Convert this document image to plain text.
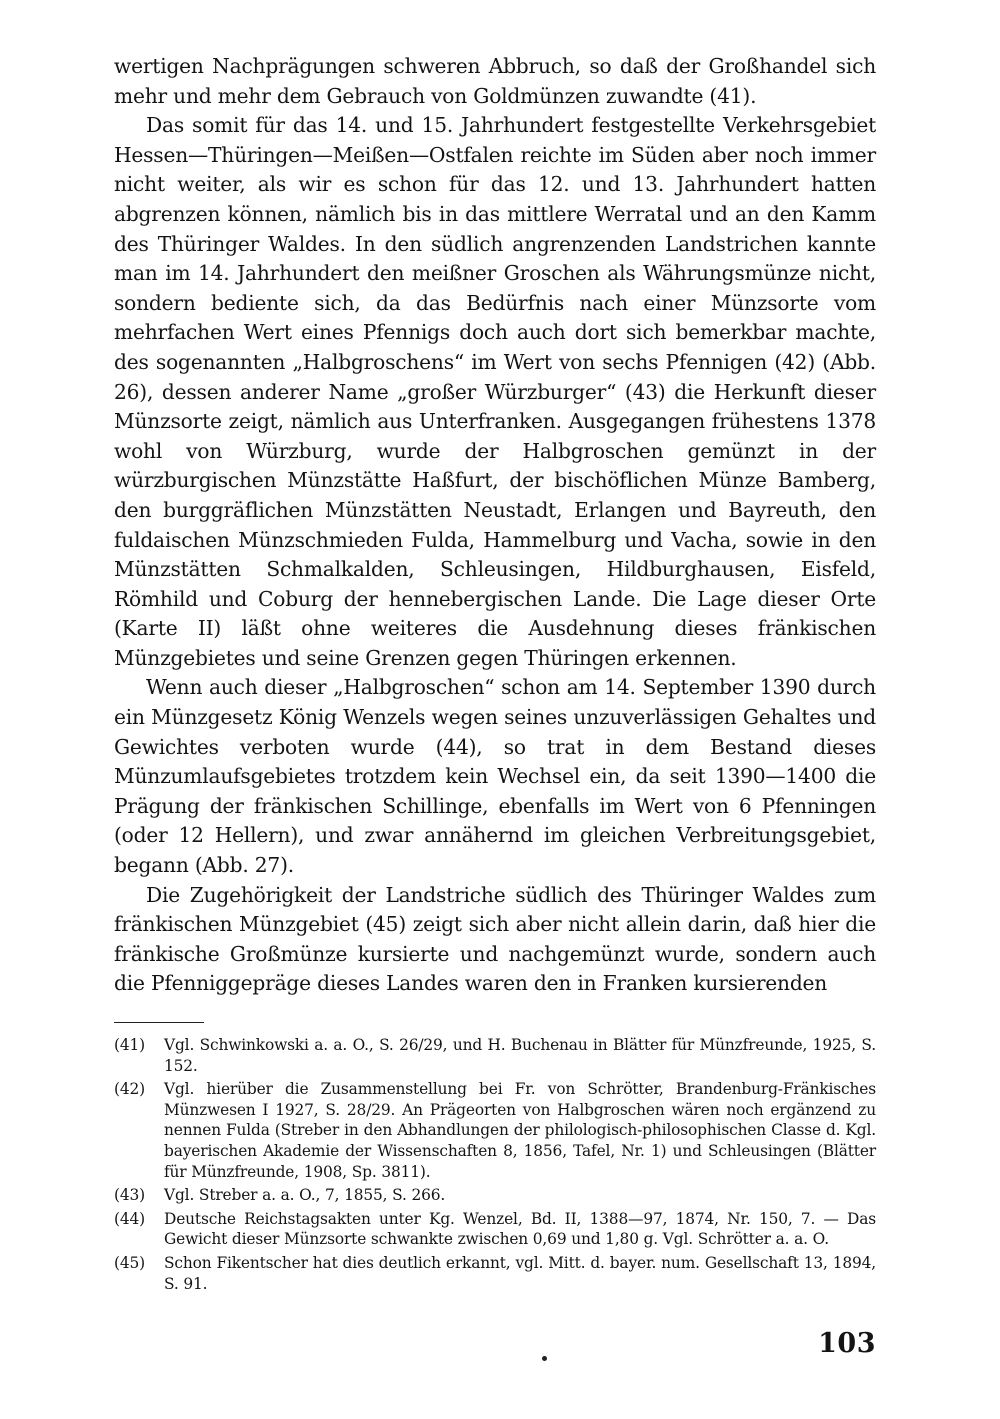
wertigen Nachprägungen schweren Abbruch, so daß der Großhandel sich mehr und mehr dem Gebrauch von Goldmünzen zuwandte (41).

Das somit für das 14. und 15. Jahrhundert festgestellte Verkehrsgebiet Hessen—Thüringen—Meißen—Ostfalen reichte im Süden aber noch immer nicht weiter, als wir es schon für das 12. und 13. Jahrhundert hatten abgrenzen können, nämlich bis in das mittlere Werratal und an den Kamm des Thüringer Waldes. In den südlich angrenzenden Landstrichen kannte man im 14. Jahrhundert den meißner Groschen als Währungsmünze nicht, sondern bediente sich, da das Bedürfnis nach einer Münzsorte vom mehrfachen Wert eines Pfennigs doch auch dort sich bemerkbar machte, des sogenannten „Halbgroschens“ im Wert von sechs Pfennigen (42) (Abb. 26), dessen anderer Name „großer Würzburger“ (43) die Herkunft dieser Münzsorte zeigt, nämlich aus Unterfranken. Ausgegangen frühestens 1378 wohl von Würzburg, wurde der Halbgroschen gemünzt in der würzburgischen Münzstätte Haßfurt, der bischöflichen Münze Bamberg, den burggräflichen Münzstätten Neustadt, Erlangen und Bayreuth, den fuldaischen Münzschmieden Fulda, Hammelburg und Vacha, sowie in den Münzstätten Schmalkalden, Schleusingen, Hildburghausen, Eisfeld, Römhild und Coburg der hennebergischen Lande. Die Lage dieser Orte (Karte II) läßt ohne weiteres die Ausdehnung dieses fränkischen Münzgebietes und seine Grenzen gegen Thüringen erkennen.

Wenn auch dieser „Halbgroschen“ schon am 14. September 1390 durch ein Münzgesetz König Wenzels wegen seines unzuverlässigen Gehaltes und Gewichtes verboten wurde (44), so trat in dem Bestand dieses Münzumlaufsgebietes trotzdem kein Wechsel ein, da seit 1390—1400 die Prägung der fränkischen Schillinge, ebenfalls im Wert von 6 Pfenningen (oder 12 Hellern), und zwar annähernd im gleichen Verbreitungsgebiet, begann (Abb. 27).

Die Zugehörigkeit der Landstriche südlich des Thüringer Waldes zum fränkischen Münzgebiet (45) zeigt sich aber nicht allein darin, daß hier die fränkische Großmünze kursierte und nachgemünzt wurde, sondern auch die Pfenniggepräge dieses Landes waren den in Franken kursierenden

(41)	Vgl. Schwinkowski a. a. O., S. 26/29, und H. Buchenau in Blätter für Münzfreunde, 1925, S. 152.
(42)	Vgl. hierüber die Zusammenstellung bei Fr. von Schrötter, Brandenburg-Fränkisches Münzwesen I 1927, S. 28/29. An Prägeorten von Halbgroschen wären noch ergänzend zu nennen Fulda (Streber in den Abhandlungen der philologisch-philosophischen Classe d. Kgl. bayerischen Akademie der Wissenschaften 8, 1856, Tafel, Nr. 1) und Schleusingen (Blätter für Münzfreunde, 1908, Sp. 3811).
(43)	Vgl. Streber a. a. O., 7, 1855, S. 266.
(44)	Deutsche Reichstagsakten unter Kg. Wenzel, Bd. II, 1388—97, 1874, Nr. 150, 7. — Das Gewicht dieser Münzsorte schwankte zwischen 0,69 und 1,80 g. Vgl. Schrötter a. a. O.
(45)	Schon Fikentscher hat dies deutlich erkannt, vgl. Mitt. d. bayer. num. Gesellschaft 13, 1894, S. 91.
103
